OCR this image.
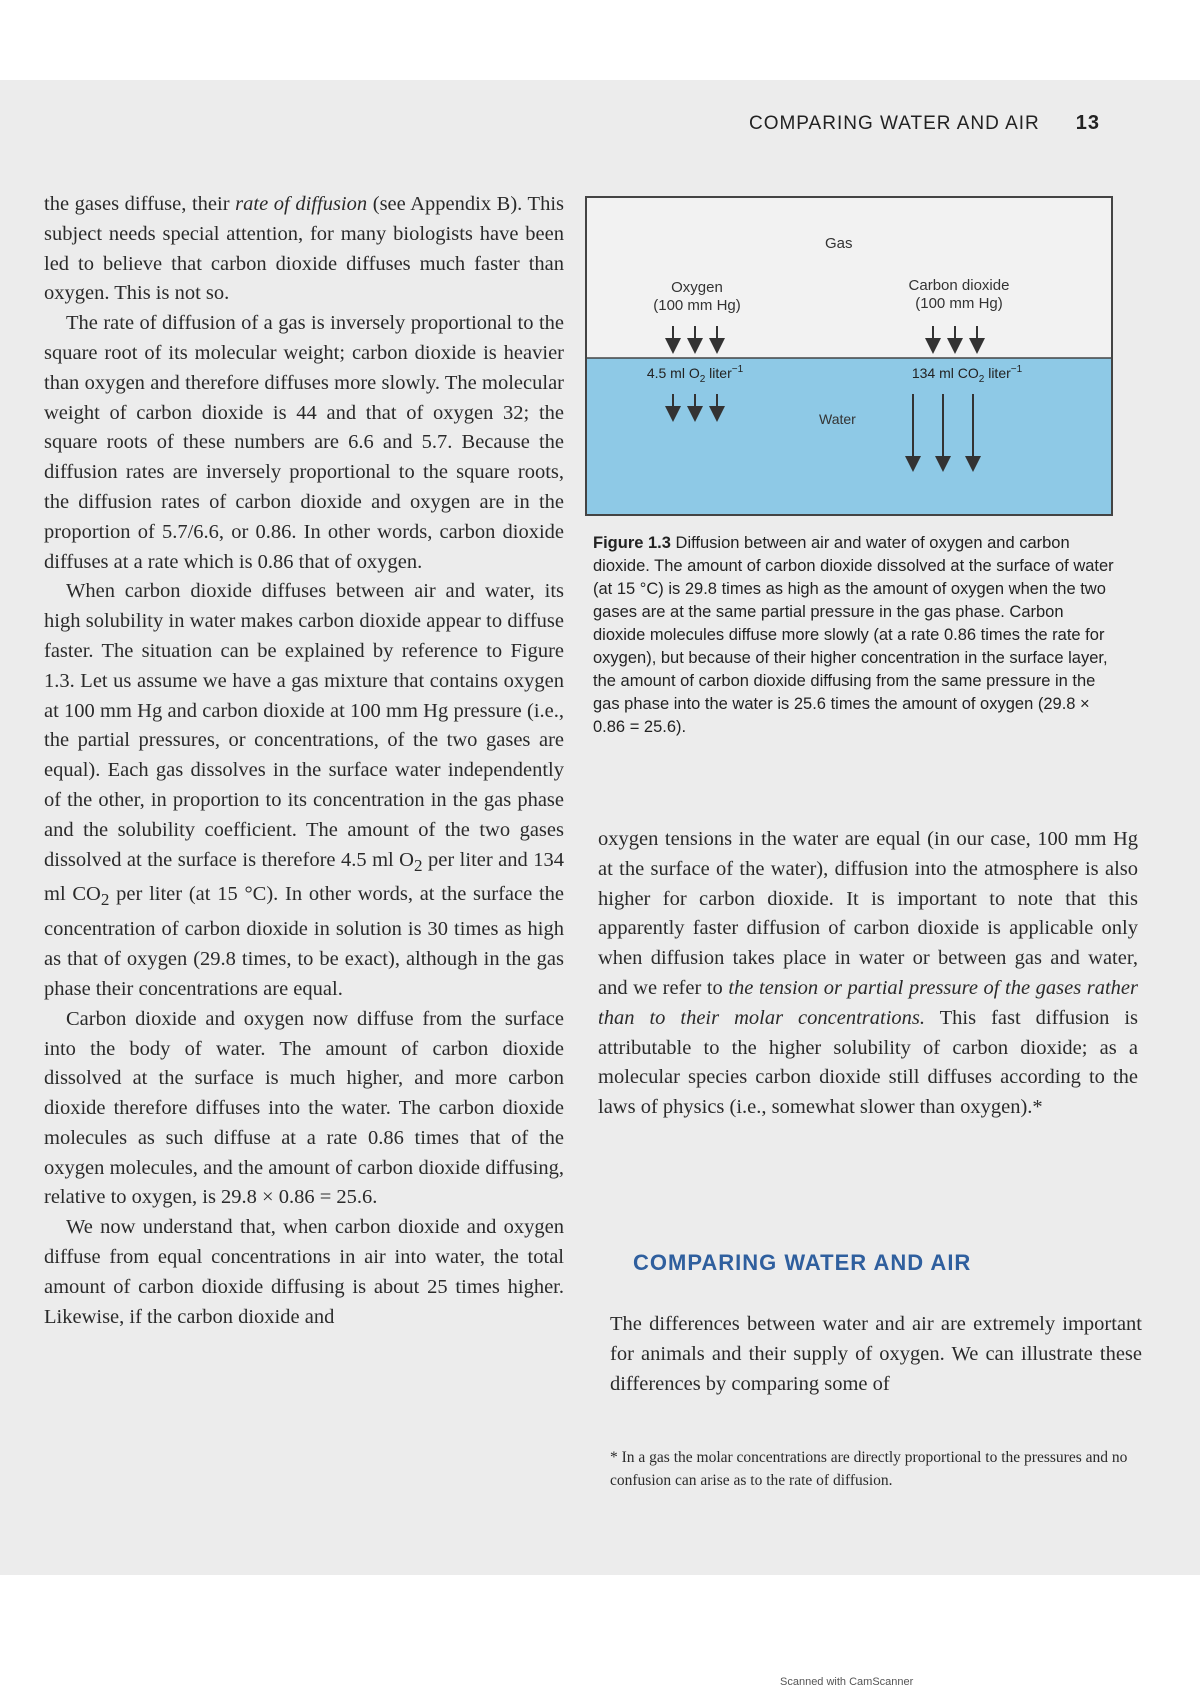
COMPARING WATER AND AIR 13

the gases diffuse, their rate of diffusion (see Appendix B). This subject needs special attention, for many biologists have been led to believe that carbon dioxide diffuses much faster than oxygen. This is not so.

The rate of diffusion of a gas is inversely proportional to the square root of its molecular weight; carbon dioxide is heavier than oxygen and therefore diffuses more slowly. The molecular weight of carbon dioxide is 44 and that of oxygen 32; the square roots of these numbers are 6.6 and 5.7. Because the diffusion rates are inversely proportional to the square roots, the diffusion rates of carbon dioxide and oxygen are in the proportion of 5.7/6.6, or 0.86. In other words, carbon dioxide diffuses at a rate which is 0.86 that of oxygen.

When carbon dioxide diffuses between air and water, its high solubility in water makes carbon dioxide appear to diffuse faster. The situation can be explained by reference to Figure 1.3. Let us assume we have a gas mixture that contains oxygen at 100 mm Hg and carbon dioxide at 100 mm Hg pressure (i.e., the partial pressures, or concentrations, of the two gases are equal). Each gas dissolves in the surface water independently of the other, in proportion to its concentration in the gas phase and the solubility coefficient. The amount of the two gases dissolved at the surface is therefore 4.5 ml $O_2$ per liter and 134 ml $CO_2$ per liter (at 15 °C). In other words, at the surface the concentration of carbon dioxide in solution is 30 times as high as that of oxygen (29.8 times, to be exact), although in the gas phase their concentrations are equal.

Carbon dioxide and oxygen now diffuse from the surface into the body of water. The amount of carbon dioxide dissolved at the surface is much higher, and more carbon dioxide therefore diffuses into the water. The carbon dioxide molecules as such diffuse at a rate 0.86 times that of the oxygen molecules, and the amount of carbon dioxide diffusing, relative to oxygen, is 29.8 × 0.86 = 25.6.

We now understand that, when carbon dioxide and oxygen diffuse from equal concentrations in air into water, the total amount of carbon dioxide diffusing is about 25 times higher. Likewise, if the carbon dioxide and

Gas
Oxygen
(100 mm Hg)
Carbon dioxide
(100 mm Hg)
4.5 ml $O_2$ liter$^{-1}$	134 ml $CO_2$ liter$^{-1}$
Water
Figure 1.3 Diffusion between air and water of oxygen and carbon dioxide. The amount of carbon dioxide dissolved at the surface of water (at 15 °C) is 29.8 times as high as the amount of oxygen when the two gases are at the same partial pressure in the gas phase. Carbon dioxide molecules diffuse more slowly (at a rate 0.86 times the rate for oxygen), but because of their higher concentration in the surface layer, the amount of carbon dioxide diffusing from the same pressure in the gas phase into the water is 25.6 times the amount of oxygen (29.8 × 0.86 = 25.6).

oxygen tensions in the water are equal (in our case, 100 mm Hg at the surface of the water), diffusion into the atmosphere is also higher for carbon dioxide. It is important to note that this apparently faster diffusion of carbon dioxide is applicable only when diffusion takes place in water or between gas and water, and we refer to the tension or partial pressure of the gases rather than to their molar concentrations. This fast diffusion is attributable to the higher solubility of carbon dioxide; as a molecular species carbon dioxide still diffuses according to the laws of physics (i.e., somewhat slower than oxygen).*

COMPARING WATER AND AIR

The differences between water and air are extremely important for animals and their supply of oxygen. We can illustrate these differences by comparing some of

* In a gas the molar concentrations are directly proportional to the pressures and no confusion can arise as to the rate of diffusion.
Scanned with CamScanner
